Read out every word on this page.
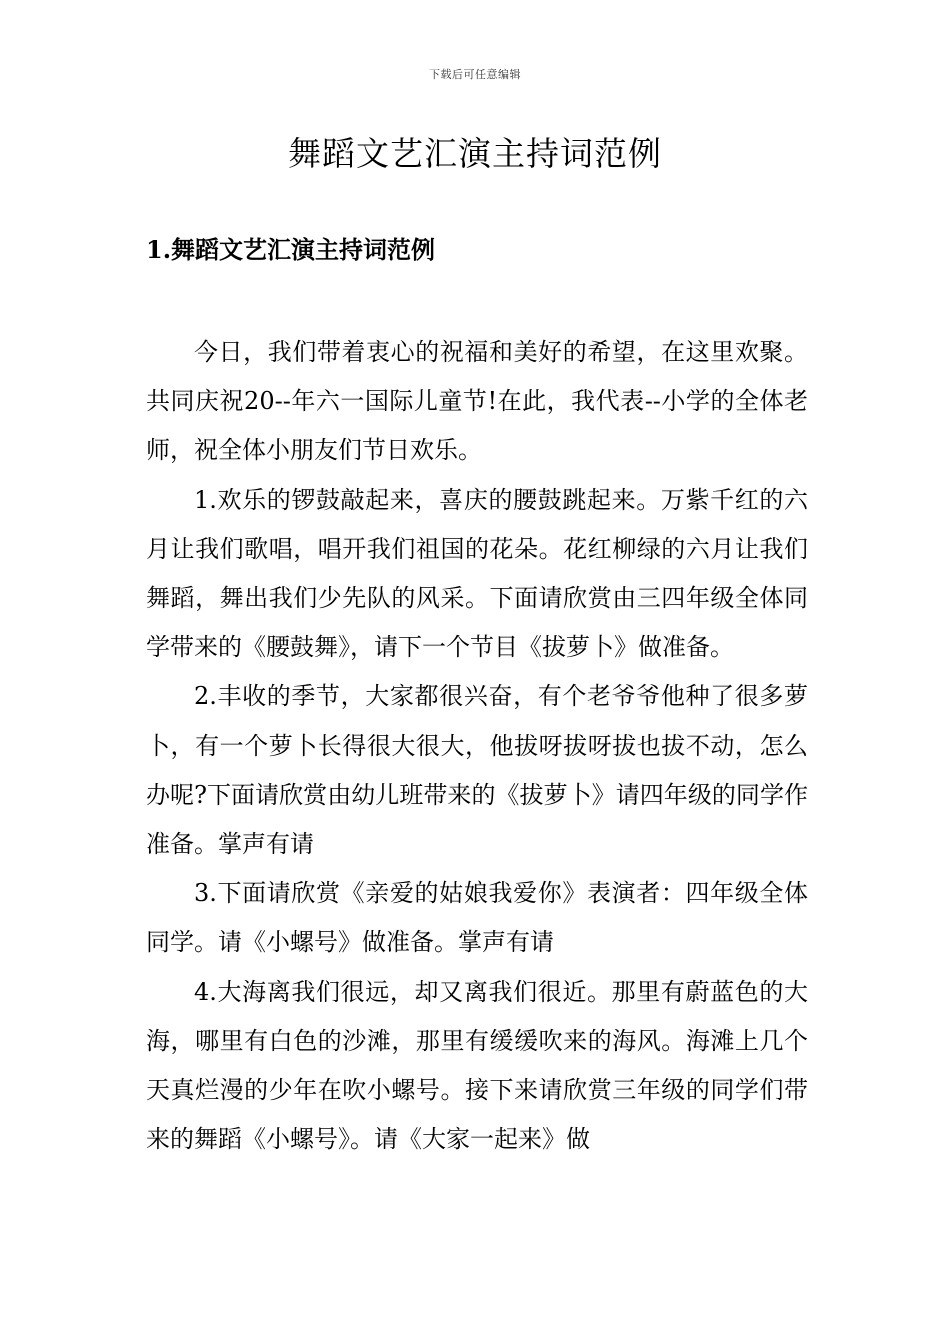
下载后可任意编辑
舞蹈文艺汇演主持词范例
1.舞蹈文艺汇演主持词范例

今日，我们带着衷心的祝福和美好的希望，在这里欢聚。共同庆祝20--年六一国际儿童节!在此，我代表--小学的全体老师，祝全体小朋友们节日欢乐。

1.欢乐的锣鼓敲起来，喜庆的腰鼓跳起来。万紫千红的六月让我们歌唱，唱开我们祖国的花朵。花红柳绿的六月让我们舞蹈，舞出我们少先队的风采。下面请欣赏由三四年级全体同学带来的《腰鼓舞》，请下一个节目《拔萝卜》做准备。

2.丰收的季节，大家都很兴奋，有个老爷爷他种了很多萝卜，有一个萝卜长得很大很大，他拔呀拔呀拔也拔不动，怎么办呢?下面请欣赏由幼儿班带来的《拔萝卜》请四年级的同学作准备。掌声有请

3.下面请欣赏《亲爱的姑娘我爱你》表演者：四年级全体同学。请《小螺号》做准备。掌声有请

4.大海离我们很远，却又离我们很近。那里有蔚蓝色的大海，哪里有白色的沙滩，那里有缓缓吹来的海风。海滩上几个天真烂漫的少年在吹小螺号。接下来请欣赏三年级的同学们带来的舞蹈《小螺号》。请《大家一起来》做
